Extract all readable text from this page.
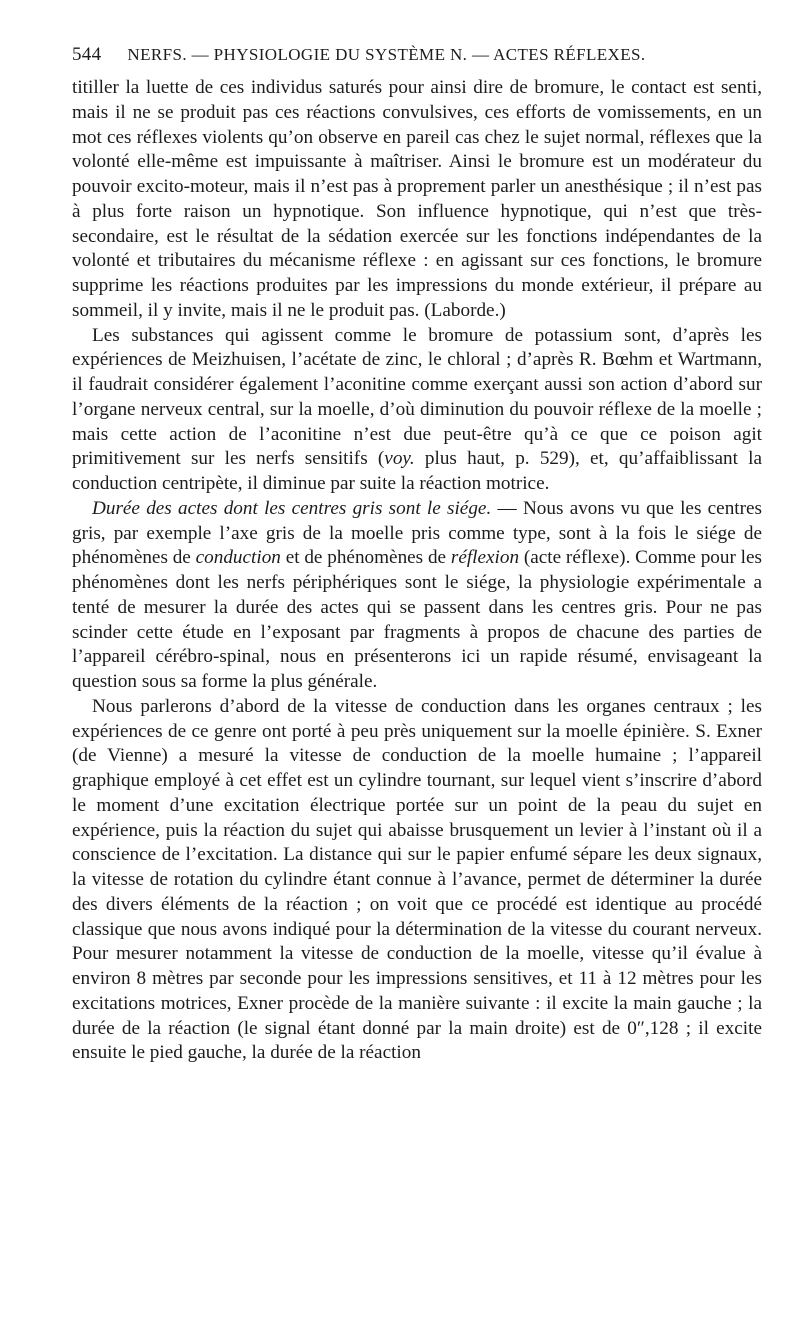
544 NERFS. — PHYSIOLOGIE DU SYSTÈME N. — ACTES RÉFLEXES.

titiller la luette de ces individus saturés pour ainsi dire de bromure, le contact est senti, mais il ne se produit pas ces réactions convulsives, ces efforts de vomissements, en un mot ces réflexes violents qu’on observe en pareil cas chez le sujet normal, réflexes que la volonté elle-même est impuissante à maîtriser. Ainsi le bromure est un modérateur du pouvoir excito-moteur, mais il n’est pas à proprement parler un anesthésique ; il n’est pas à plus forte raison un hypnotique. Son influence hypnotique, qui n’est que très-secondaire, est le résultat de la sédation exercée sur les fonctions indépendantes de la volonté et tributaires du mécanisme réflexe : en agissant sur ces fonctions, le bromure supprime les réactions produites par les impressions du monde extérieur, il prépare au sommeil, il y invite, mais il ne le produit pas. (Laborde.)

Les substances qui agissent comme le bromure de potassium sont, d’après les expériences de Meizhuisen, l’acétate de zinc, le chloral ; d’après R. Bœhm et Wartmann, il faudrait considérer également l’aconitine comme exerçant aussi son action d’abord sur l’organe nerveux central, sur la moelle, d’où diminution du pouvoir réflexe de la moelle ; mais cette action de l’aconitine n’est due peut-être qu’à ce que ce poison agit primitivement sur les nerfs sensitifs (voy. plus haut, p. 529), et, qu’affaiblissant la conduction centripète, il diminue par suite la réaction motrice.

Durée des actes dont les centres gris sont le siége. — Nous avons vu que les centres gris, par exemple l’axe gris de la moelle pris comme type, sont à la fois le siége de phénomènes de conduction et de phénomènes de réflexion (acte réflexe). Comme pour les phénomènes dont les nerfs périphériques sont le siége, la physiologie expérimentale a tenté de mesurer la durée des actes qui se passent dans les centres gris. Pour ne pas scinder cette étude en l’exposant par fragments à propos de chacune des parties de l’appareil cérébro-spinal, nous en présenterons ici un rapide résumé, envisageant la question sous sa forme la plus générale.

Nous parlerons d’abord de la vitesse de conduction dans les organes centraux ; les expériences de ce genre ont porté à peu près uniquement sur la moelle épinière. S. Exner (de Vienne) a mesuré la vitesse de conduction de la moelle humaine ; l’appareil graphique employé à cet effet est un cylindre tournant, sur lequel vient s’inscrire d’abord le moment d’une excitation électrique portée sur un point de la peau du sujet en expérience, puis la réaction du sujet qui abaisse brusquement un levier à l’instant où il a conscience de l’excitation. La distance qui sur le papier enfumé sépare les deux signaux, la vitesse de rotation du cylindre étant connue à l’avance, permet de déterminer la durée des divers éléments de la réaction ; on voit que ce procédé est identique au procédé classique que nous avons indiqué pour la détermination de la vitesse du courant nerveux. Pour mesurer notamment la vitesse de conduction de la moelle, vitesse qu’il évalue à environ 8 mètres par seconde pour les impressions sensitives, et 11 à 12 mètres pour les excitations motrices, Exner procède de la manière suivante : il excite la main gauche ; la durée de la réaction (le signal étant donné par la main droite) est de 0″,128 ; il excite ensuite le pied gauche, la durée de la réaction
